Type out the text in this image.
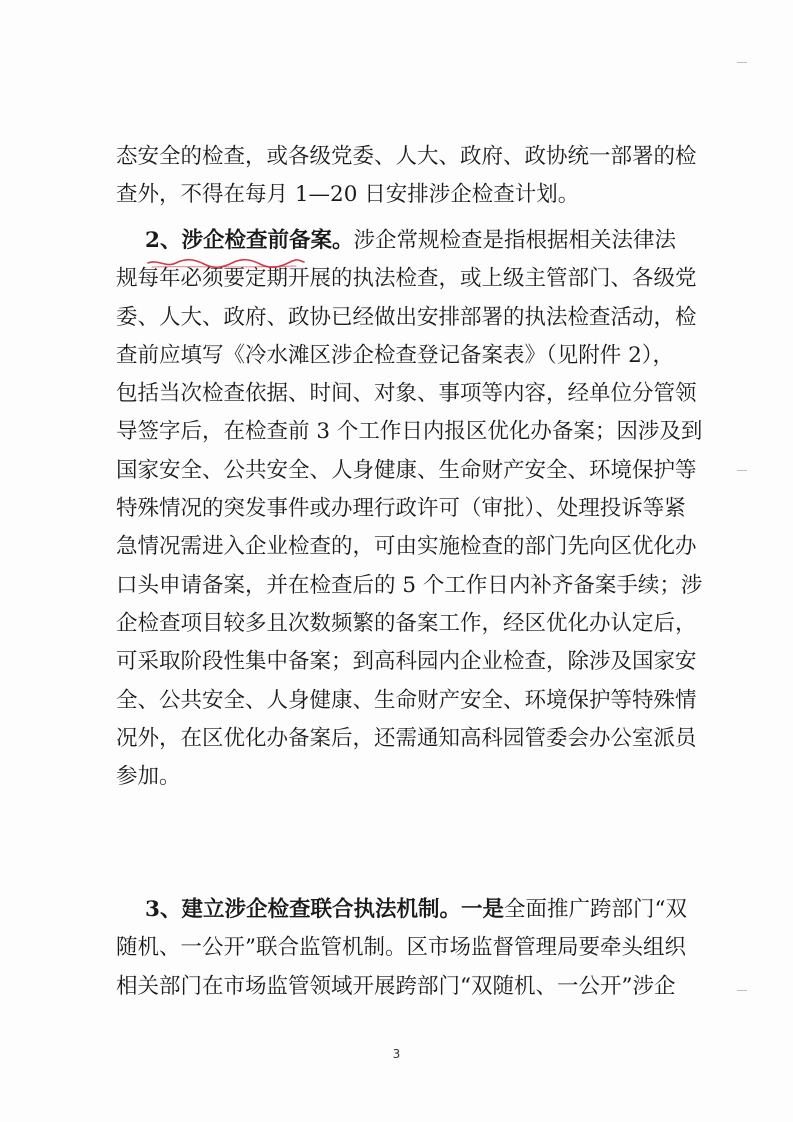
态安全的检查，或各级党委、人大、政府、政协统一部署的检
查外，不得在每月 1—20 日安排涉企检查计划。
2、涉企检查前备案。涉企常规检查是指根据相关法律法
规每年必须要定期开展的执法检查，或上级主管部门、各级党
委、人大、政府、政协已经做出安排部署的执法检查活动，检
查前应填写《冷水滩区涉企检查登记备案表》（见附件 2），
包括当次检查依据、时间、对象、事项等内容，经单位分管领
导签字后，在检查前 3 个工作日内报区优化办备案；因涉及到
国家安全、公共安全、人身健康、生命财产安全、环境保护等
特殊情况的突发事件或办理行政许可（审批）、处理投诉等紧
急情况需进入企业检查的，可由实施检查的部门先向区优化办
口头申请备案，并在检查后的 5 个工作日内补齐备案手续；涉
企检查项目较多且次数频繁的备案工作，经区优化办认定后，
可采取阶段性集中备案；到高科园内企业检查，除涉及国家安
全、公共安全、人身健康、生命财产安全、环境保护等特殊情
况外，在区优化办备案后，还需通知高科园管委会办公室派员
参加。
3、建立涉企检查联合执法机制。一是全面推广跨部门“双
随机、一公开”联合监管机制。区市场监督管理局要牵头组织
相关部门在市场监管领域开展跨部门“双随机、一公开”涉企
3
